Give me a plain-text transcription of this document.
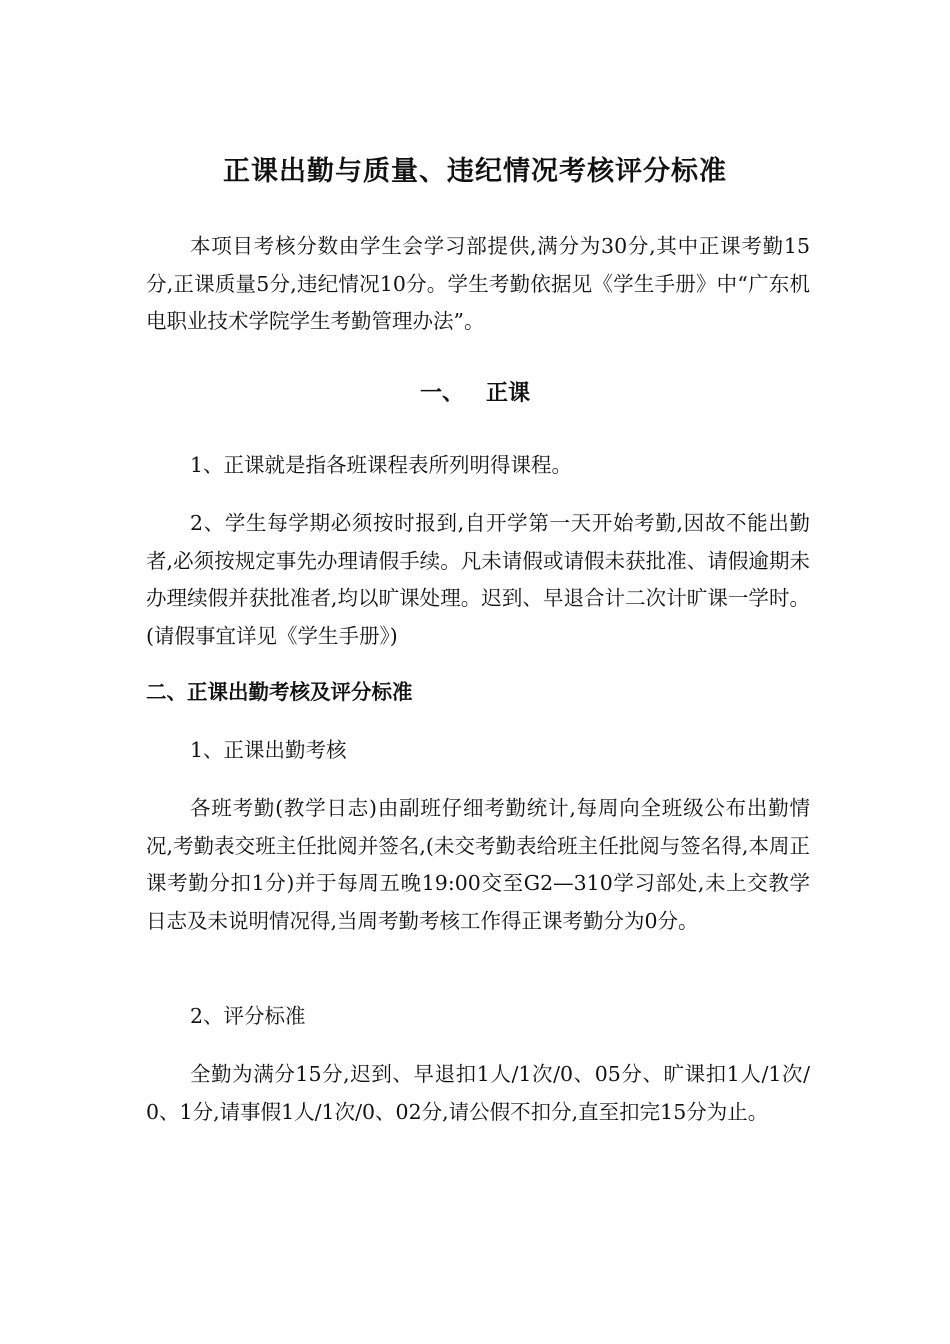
正课出勤与质量、违纪情况考核评分标准

本项目考核分数由学生会学习部提供,满分为30分,其中正课考勤15分,正课质量5分,违纪情况10分。学生考勤依据见《学生手册》中“广东机电职业技术学院学生考勤管理办法”。

一、 正课

1、正课就是指各班课程表所列明得课程。

2、学生每学期必须按时报到,自开学第一天开始考勤,因故不能出勤者,必须按规定事先办理请假手续。凡未请假或请假未获批准、请假逾期未办理续假并获批准者,均以旷课处理。迟到、早退合计二次计旷课一学时。(请假事宜详见《学生手册》)

二、正课出勤考核及评分标准

1、正课出勤考核

各班考勤(教学日志)由副班仔细考勤统计,每周向全班级公布出勤情况,考勤表交班主任批阅并签名,(未交考勤表给班主任批阅与签名得,本周正课考勤分扣1分)并于每周五晚19:00交至G2—310学习部处,未上交教学日志及未说明情况得,当周考勤考核工作得正课考勤分为0分。

2、评分标准

全勤为满分15分,迟到、早退扣1人/1次/0、05分、旷课扣1人/1次/0、1分,请事假1人/1次/0、02分,请公假不扣分,直至扣完15分为止。
